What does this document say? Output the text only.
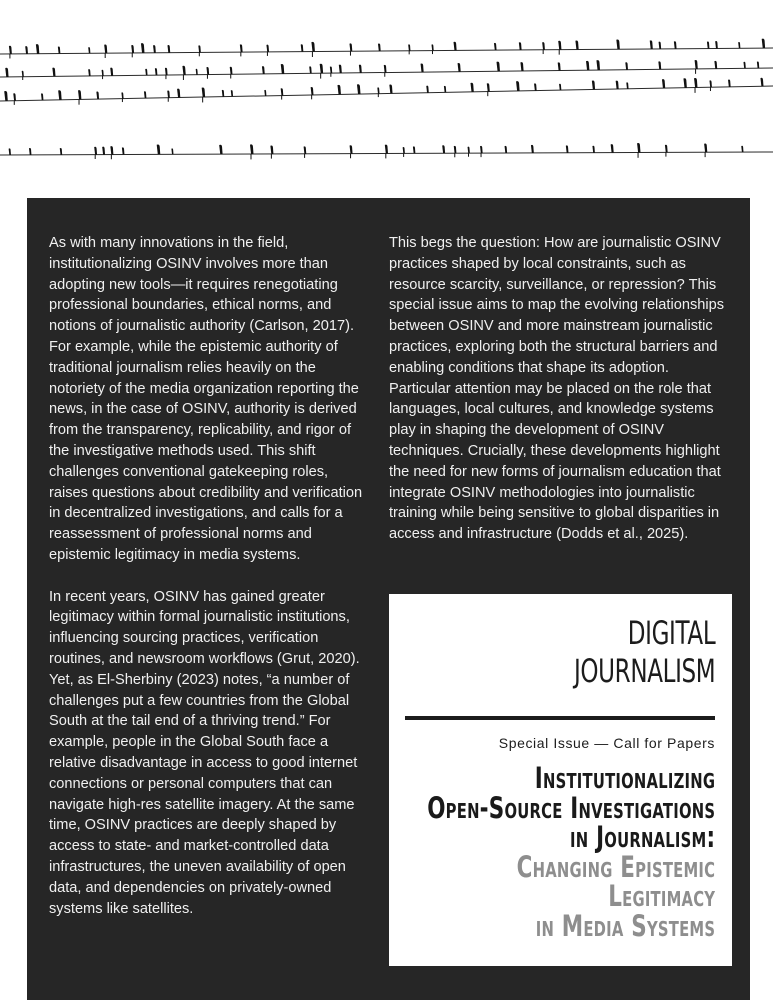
As with many innovations in the field, institutionalizing OSINV involves more than adopting new tools—it requires renegotiating professional boundaries, ethical norms, and notions of journalistic authority (Carlson, 2017). For example, while the epistemic authority of traditional journalism relies heavily on the notoriety of the media organization reporting the news, in the case of OSINV, authority is derived from the transparency, replicability, and rigor of the investigative methods used. This shift challenges conventional gatekeeping roles, raises questions about credibility and verification in decentralized investigations, and calls for a reassessment of professional norms and epistemic legitimacy in media systems.

In recent years, OSINV has gained greater legitimacy within formal journalistic institutions, influencing sourcing practices, verification routines, and newsroom workflows (Grut, 2020). Yet, as El-Sherbiny (2023) notes, “a number of challenges put a few countries from the Global South at the tail end of a thriving trend.” For example, people in the Global South face a relative disadvantage in access to good internet connections or personal computers that can navigate high-res satellite imagery. At the same time, OSINV practices are deeply shaped by access to state- and market-controlled data infrastructures, the uneven availability of open data, and dependencies on privately-owned systems like satellites.

This begs the question: How are journalistic OSINV practices shaped by local constraints, such as resource scarcity, surveillance, or repression? This special issue aims to map the evolving relationships between OSINV and more mainstream journalistic practices, exploring both the structural barriers and enabling conditions that shape its adoption. Particular attention may be placed on the role that languages, local cultures, and knowledge systems play in shaping the development of OSINV techniques. Crucially, these developments highlight the need for new forms of journalism education that integrate OSINV methodologies into journalistic training while being sensitive to global disparities in access and infrastructure (Dodds et al., 2025).

DIGITAL
JOURNALISM
Special Issue — Call for Papers
Institutionalizing
Open-Source Investigations
in Journalism:
Changing Epistemic
Legitimacy
in Media Systems
